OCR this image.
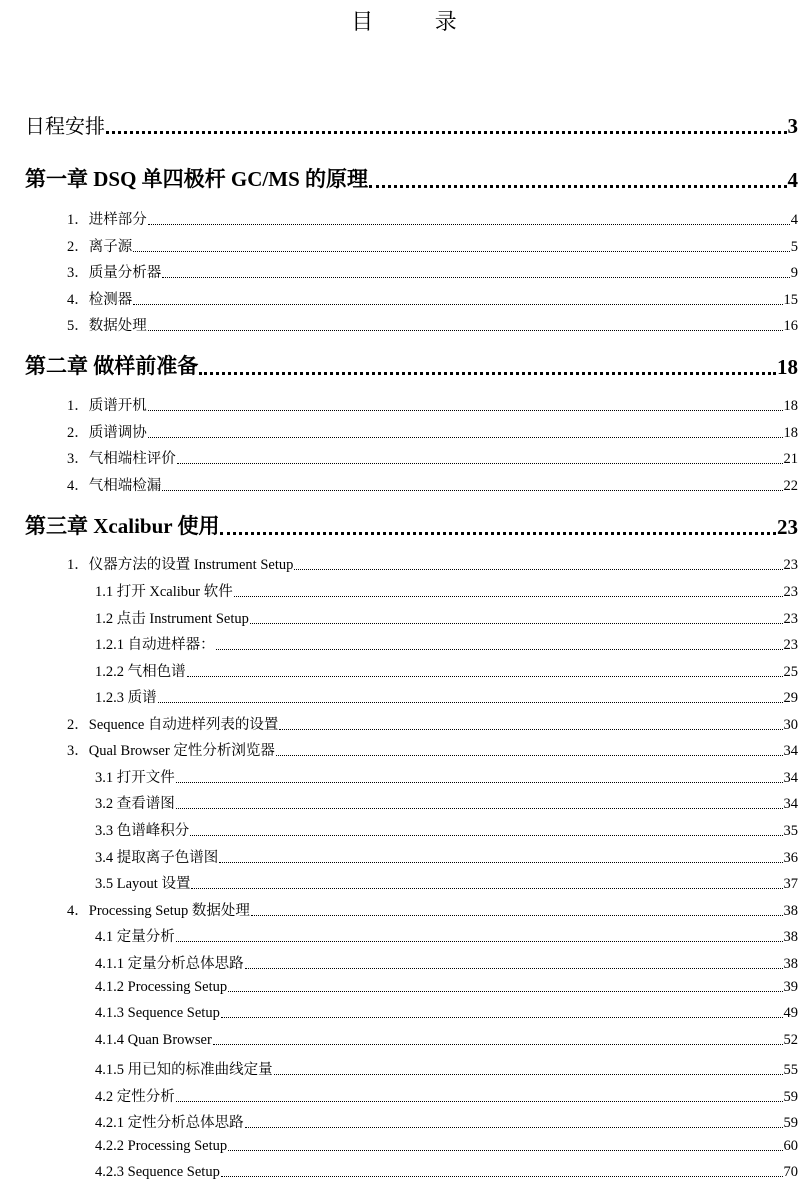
目 录
日程安排	3
第一章 DSQ 单四极杆 GC/MS 的原理	4
1．进样部分	4
2．离子源	5
3．质量分析器	9
4．检测器	15
5．数据处理	16
第二章 做样前准备	18
1．质谱开机	18
2．质谱调协	18
3．气相端柱评价	21
4．气相端检漏	22
第三章 Xcalibur 使用	23
1．仪器方法的设置 Instrument Setup	23
1.1 打开 Xcalibur 软件	23
1.2 点击 Instrument Setup	23
1.2.1 自动进样器：	23
1.2.2 气相色谱	25
1.2.3 质谱	29
2．Sequence 自动进样列表的设置	30
3．Qual Browser 定性分析浏览器	34
3.1 打开文件	34
3.2 查看谱图	34
3.3 色谱峰积分	35
3.4 提取离子色谱图	36
3.5 Layout 设置	37
4．Processing Setup 数据处理	38
4.1 定量分析	38
4.1.1 定量分析总体思路	38
4.1.2 Processing Setup	39
4.1.3 Sequence Setup	49
4.1.4 Quan Browser	52
4.1.5 用已知的标准曲线定量	55
4.2 定性分析	59
4.2.1 定性分析总体思路	59
4.2.2 Processing Setup	60
4.2.3 Sequence Setup	70
